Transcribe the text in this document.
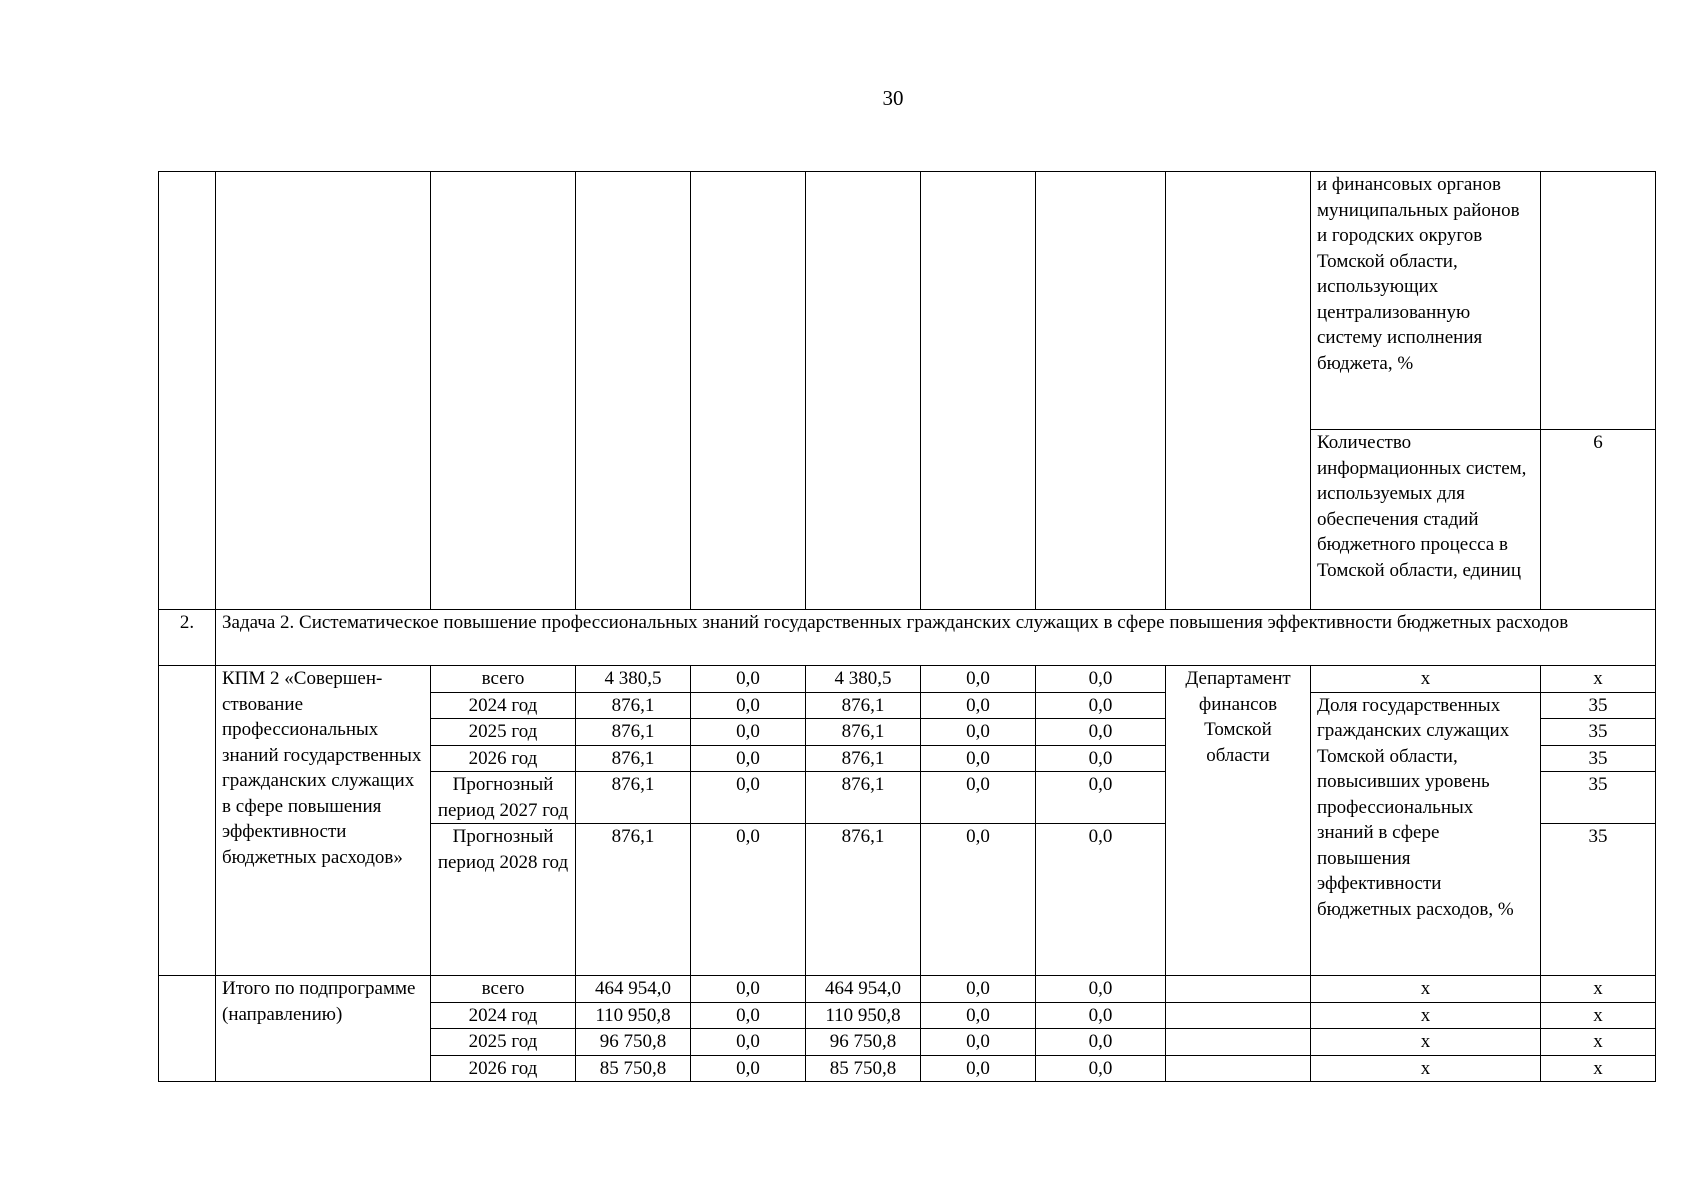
30
									и финансовых органов муниципальных районов и городских округов Томской области, использующих централизованную систему исполнения бюджета, %	
									Количество информационных систем, используемых для обеспечения стадий бюджетного процесса в Томской области, единиц	6
2.	Задача 2. Систематическое повышение профессиональных знаний государственных гражданских служащих в сфере повышения эффективности бюджетных расходов									
	КПМ 2 «Совершен-ствование профессиональных знаний государственных гражданских служащих в сфере повышения эффективности бюджетных расходов»	всего	4 380,5	0,0	4 380,5	0,0	0,0	Департамент финансов Томской области	х	х
		2024 год	876,1	0,0	876,1	0,0	0,0		Доля государственных гражданских служащих Томской области, повысивших уровень профессиональных знаний в сфере повышения эффективности бюджетных расходов, %	35
		2025 год	876,1	0,0	876,1	0,0	0,0			35
		2026 год	876,1	0,0	876,1	0,0	0,0			35
		Прогнозный период 2027 год	876,1	0,0	876,1	0,0	0,0			35
		Прогнозный период 2028 год	876,1	0,0	876,1	0,0	0,0			35
	Итого по подпрограмме (направлению)	всего	464 954,0	0,0	464 954,0	0,0	0,0		х	х
		2024 год	110 950,8	0,0	110 950,8	0,0	0,0		х	х
		2025 год	96 750,8	0,0	96 750,8	0,0	0,0		х	х
		2026 год	85 750,8	0,0	85 750,8	0,0	0,0		х	х
